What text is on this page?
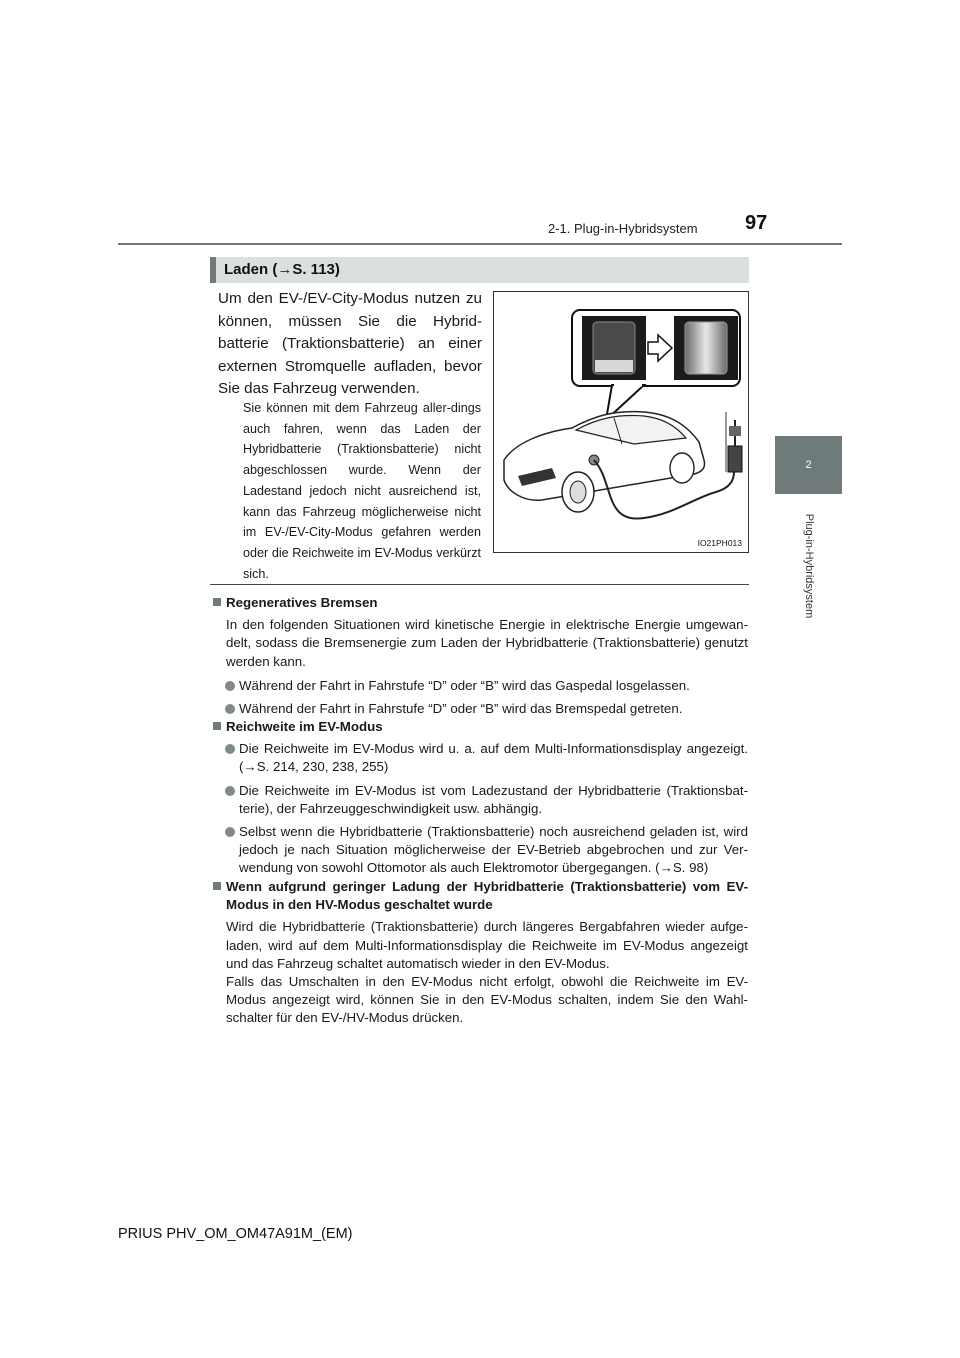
2-1. Plug-in-Hybridsystem 97
2
Plug-in-Hybridsystem
Laden (→S. 113)
Um den EV-/EV-City-Modus nutzen zu können, müssen Sie die Hybrid-batterie (Traktionsbatterie) an einer externen Stromquelle aufladen, bevor Sie das Fahrzeug verwenden.
Sie können mit dem Fahrzeug aller-dings auch fahren, wenn das Laden der Hybridbatterie (Traktionsbatterie) nicht abgeschlossen wurde. Wenn der Ladestand jedoch nicht ausreichend ist, kann das Fahrzeug möglicherweise nicht im EV-/EV-City-Modus gefahren werden oder die Reichweite im EV-Modus verkürzt sich.
IO21PH013
Regeneratives Bremsen
In den folgenden Situationen wird kinetische Energie in elektrische Energie umgewan-delt, sodass die Bremsenergie zum Laden der Hybridbatterie (Traktionsbatterie) genutzt werden kann.
Während der Fahrt in Fahrstufe “D” oder “B” wird das Gaspedal losgelassen.
Während der Fahrt in Fahrstufe “D” oder “B” wird das Bremspedal getreten.
Reichweite im EV-Modus
Die Reichweite im EV-Modus wird u. a. auf dem Multi-Informationsdisplay angezeigt. (→S. 214, 230, 238, 255)
Die Reichweite im EV-Modus ist vom Ladezustand der Hybridbatterie (Traktionsbat-terie), der Fahrzeuggeschwindigkeit usw. abhängig.
Selbst wenn die Hybridbatterie (Traktionsbatterie) noch ausreichend geladen ist, wird jedoch je nach Situation möglicherweise der EV-Betrieb abgebrochen und zur Ver-wendung von sowohl Ottomotor als auch Elektromotor übergegangen. (→S. 98)
Wenn aufgrund geringer Ladung der Hybridbatterie (Traktionsbatterie) vom EV-Modus in den HV-Modus geschaltet wurde
Wird die Hybridbatterie (Traktionsbatterie) durch längeres Bergabfahren wieder aufge-laden, wird auf dem Multi-Informationsdisplay die Reichweite im EV-Modus angezeigt und das Fahrzeug schaltet automatisch wieder in den EV-Modus.
Falls das Umschalten in den EV-Modus nicht erfolgt, obwohl die Reichweite im EV-Modus angezeigt wird, können Sie in den EV-Modus schalten, indem Sie den Wahl-schalter für den EV-/HV-Modus drücken.
PRIUS PHV_OM_OM47A91M_(EM)
